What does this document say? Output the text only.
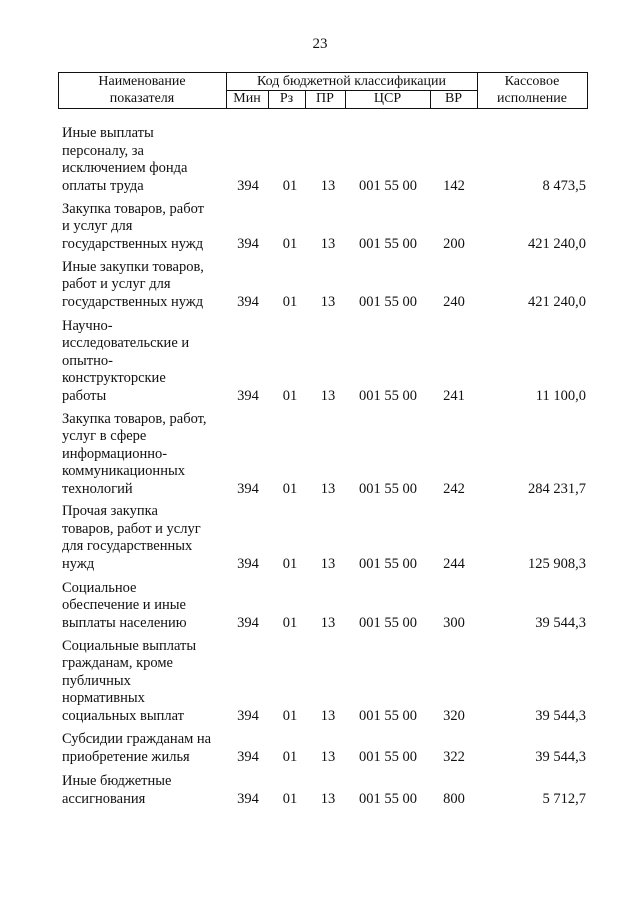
23
Наименование
показателя
Код бюджетной классификации
Мин	Рз	ПР	ЦСР	ВР
Кассовое
исполнение
Иные выплаты
персоналу, за
исключением фонда
оплаты труда	394	01	13	001 55 00	142	8 473,5
Закупка товаров, работ
и услуг для
государственных нужд	394	01	13	001 55 00	200	421 240,0
Иные закупки товаров,
работ и услуг для
государственных нужд	394	01	13	001 55 00	240	421 240,0
Научно-
исследовательские и
опытно-
конструкторские
работы	394	01	13	001 55 00	241	11 100,0
Закупка товаров, работ,
услуг в сфере
информационно-
коммуникационных
технологий	394	01	13	001 55 00	242	284 231,7
Прочая закупка
товаров, работ и услуг
для государственных
нужд	394	01	13	001 55 00	244	125 908,3
Социальное
обеспечение и иные
выплаты населению	394	01	13	001 55 00	300	39 544,3
Социальные выплаты
гражданам, кроме
публичных
нормативных
социальных выплат	394	01	13	001 55 00	320	39 544,3
Субсидии гражданам на
приобретение жилья	394	01	13	001 55 00	322	39 544,3
Иные бюджетные
ассигнования	394	01	13	001 55 00	800	5 712,7
